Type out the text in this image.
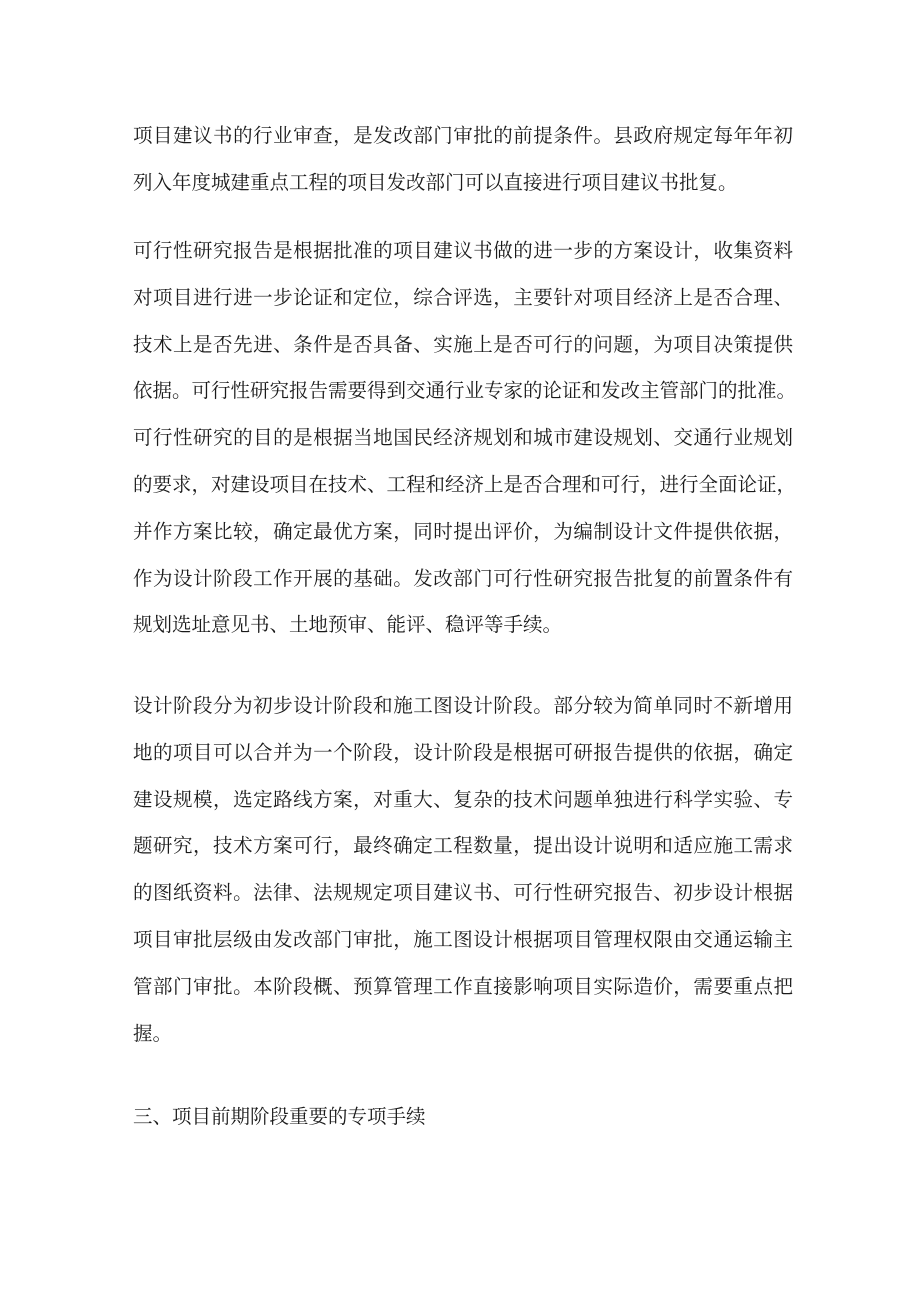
项目建议书的行业审查，是发改部门审批的前提条件。县政府规定每年年初
列入年度城建重点工程的项目发改部门可以直接进行项目建议书批复。

可行性研究报告是根据批准的项目建议书做的进一步的方案设计，收集资料
对项目进行进一步论证和定位，综合评选，主要针对项目经济上是否合理、
技术上是否先进、条件是否具备、实施上是否可行的问题，为项目决策提供
依据。可行性研究报告需要得到交通行业专家的论证和发改主管部门的批准。
可行性研究的目的是根据当地国民经济规划和城市建设规划、交通行业规划
的要求，对建设项目在技术、工程和经济上是否合理和可行，进行全面论证，
并作方案比较，确定最优方案，同时提出评价，为编制设计文件提供依据，
作为设计阶段工作开展的基础。发改部门可行性研究报告批复的前置条件有
规划选址意见书、土地预审、能评、稳评等手续。

设计阶段分为初步设计阶段和施工图设计阶段。部分较为简单同时不新增用
地的项目可以合并为一个阶段，设计阶段是根据可研报告提供的依据，确定
建设规模，选定路线方案，对重大、复杂的技术问题单独进行科学实验、专
题研究，技术方案可行，最终确定工程数量，提出设计说明和适应施工需求
的图纸资料。法律、法规规定项目建议书、可行性研究报告、初步设计根据
项目审批层级由发改部门审批，施工图设计根据项目管理权限由交通运输主
管部门审批。本阶段概、预算管理工作直接影响项目实际造价，需要重点把
握。

三、项目前期阶段重要的专项手续
